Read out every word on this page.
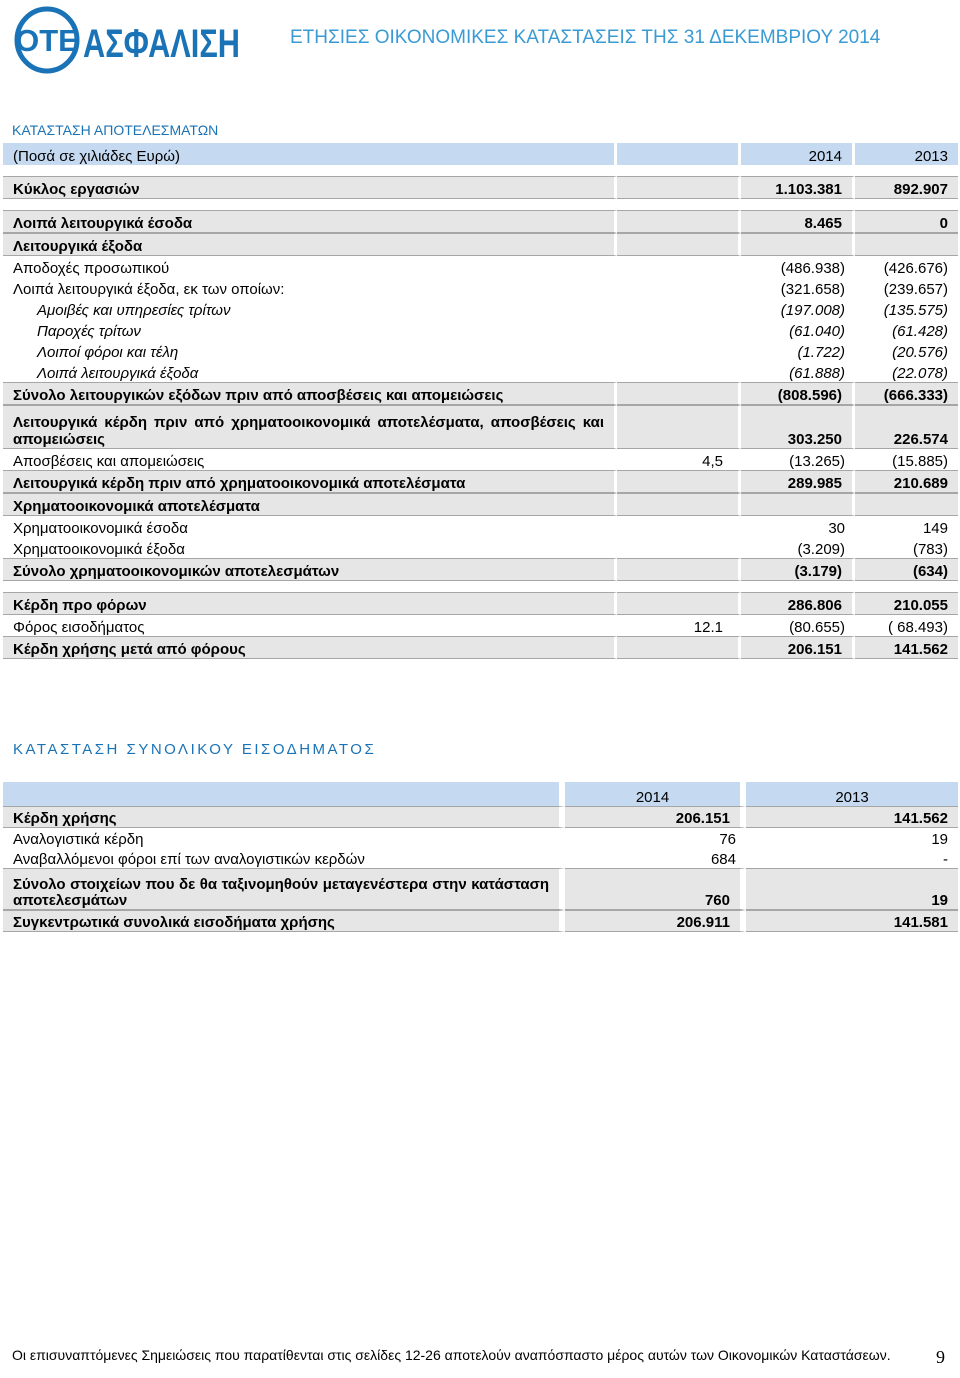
ΟΤΕ ΑΣΦΑΛΙΣΗ	ΕΤΗΣΙΕΣ ΟΙΚΟΝΟΜΙΚΕΣ ΚΑΤΑΣΤΑΣΕΙΣ ΤΗΣ 31 ΔΕΚΕΜΒΡΙΟΥ 2014
ΚΑΤΑΣΤΑΣΗ ΑΠΟΤΕΛΕΣΜΑΤΩΝ
(Ποσά σε χιλιάδες Ευρώ)		2014	2013

Κύκλος εργασιών		1.103.381	892.907

Λοιπά λειτουργικά έσοδα		8.465	0
Λειτουργικά έξοδα			
Αποδοχές προσωπικού		(486.938)	(426.676)
Λοιπά λειτουργικά έξοδα, εκ των οποίων:		(321.658)	(239.657)
Αμοιβές και υπηρεσίες τρίτων		(197.008)	(135.575)
Παροχές τρίτων		(61.040)	(61.428)
Λοιποί φόροι και τέλη		(1.722)	(20.576)
Λοιπά λειτουργικά έξοδα		(61.888)	(22.078)
Σύνολο λειτουργικών εξόδων πριν από αποσβέσεις και απομειώσεις		(808.596)	(666.333)
Λειτουργικά κέρδη πριν από χρηματοοικονομικά αποτελέσματα, αποσβέσεις και απομειώσεις		303.250	226.574
Αποσβέσεις και απομειώσεις	4,5	(13.265)	(15.885)
Λειτουργικά κέρδη πριν από χρηματοοικονομικά αποτελέσματα		289.985	210.689
Χρηματοοικονομικά αποτελέσματα			
Χρηματοοικονομικά έσοδα		30	149
Χρηματοοικονομικά έξοδα		(3.209)	(783)
Σύνολο χρηματοοικονομικών αποτελεσμάτων		(3.179)	(634)

Κέρδη προ φόρων		286.806	210.055
Φόρος εισοδήματος	12.1	(80.655)	( 68.493)
Κέρδη χρήσης μετά από φόρους		206.151	141.562
ΚΑΤΑΣΤΑΣΗ ΣΥΝΟΛΙΚΟΥ ΕΙΣΟΔΗΜΑΤΟΣ
	2014	2013
Κέρδη χρήσης	206.151	141.562
Αναλογιστικά κέρδη	76	19
Αναβαλλόμενοι φόροι επί των αναλογιστικών κερδών	684	-
Σύνολο στοιχείων που δε θα ταξινομηθούν μεταγενέστερα στην κατάσταση αποτελεσμάτων	760	19
Συγκεντρωτικά συνολικά εισοδήματα χρήσης	206.911	141.581
Οι επισυναπτόμενες Σημειώσεις που παρατίθενται στις σελίδες 12-26 αποτελούν αναπόσπαστο μέρος αυτών των Οικονομικών Καταστάσεων.	9
